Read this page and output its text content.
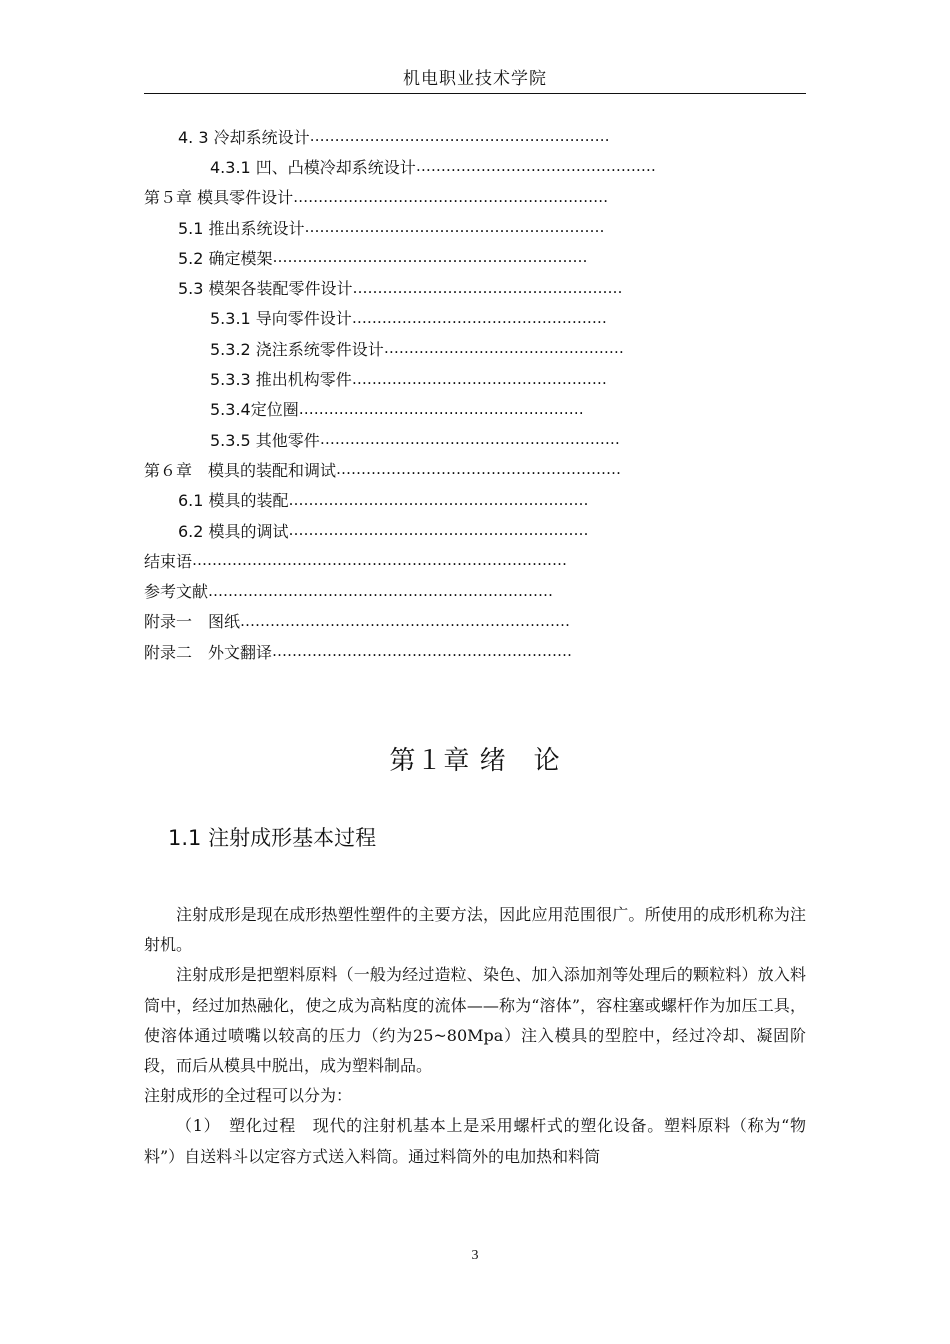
机电职业技术学院
4. 3 冷却系统设计 ……………………………………………………
4.3.1 凹、凸模冷却系统设计 …………………………………………
第５章 模具零件设计 ………………………………………………………
5.1 推出系统设计 ……………………………………………………
5.2 确定模架 ………………………………………………………
5.3 模架各装配零件设计 ………………………………………………
5.3.1 导向零件设计 ……………………………………………
5.3.2 浇注系统零件设计 …………………………………………
5.3.3 推出机构零件 ……………………………………………
5.3.4定位圈 …………………………………………………
5.3.5 其他零件 ……………………………………………………
第６章　模具的装配和调试 …………………………………………………
6.1 模具的装配 ……………………………………………………
6.2 模具的调试 ……………………………………………………
结束语 …………………………………………………………………
参考文献 ……………………………………………………………
附录一　图纸 …………………………………………………………
附录二　外文翻译 ……………………………………………………
第１章 绪　论
1.1 注射成形基本过程

注射成形是现在成形热塑性塑件的主要方法，因此应用范围很广。所使用的成形机称为注射机。

注射成形是把塑料原料（一般为经过造粒、染色、加入添加剂等处理后的颗粒料）放入料筒中，经过加热融化，使之成为高粘度的流体——称为“溶体”，容柱塞或螺杆作为加压工具，使溶体通过喷嘴以较高的压力（约为25~80Mpa）注入模具的型腔中，经过冷却、凝固阶段，而后从模具中脱出，成为塑料制品。

注射成形的全过程可以分为：

（1）　塑化过程　现代的注射机基本上是采用螺杆式的塑化设备。塑料原料（称为“物料”）自送料斗以定容方式送入料筒。通过料筒外的电加热和料筒

3
